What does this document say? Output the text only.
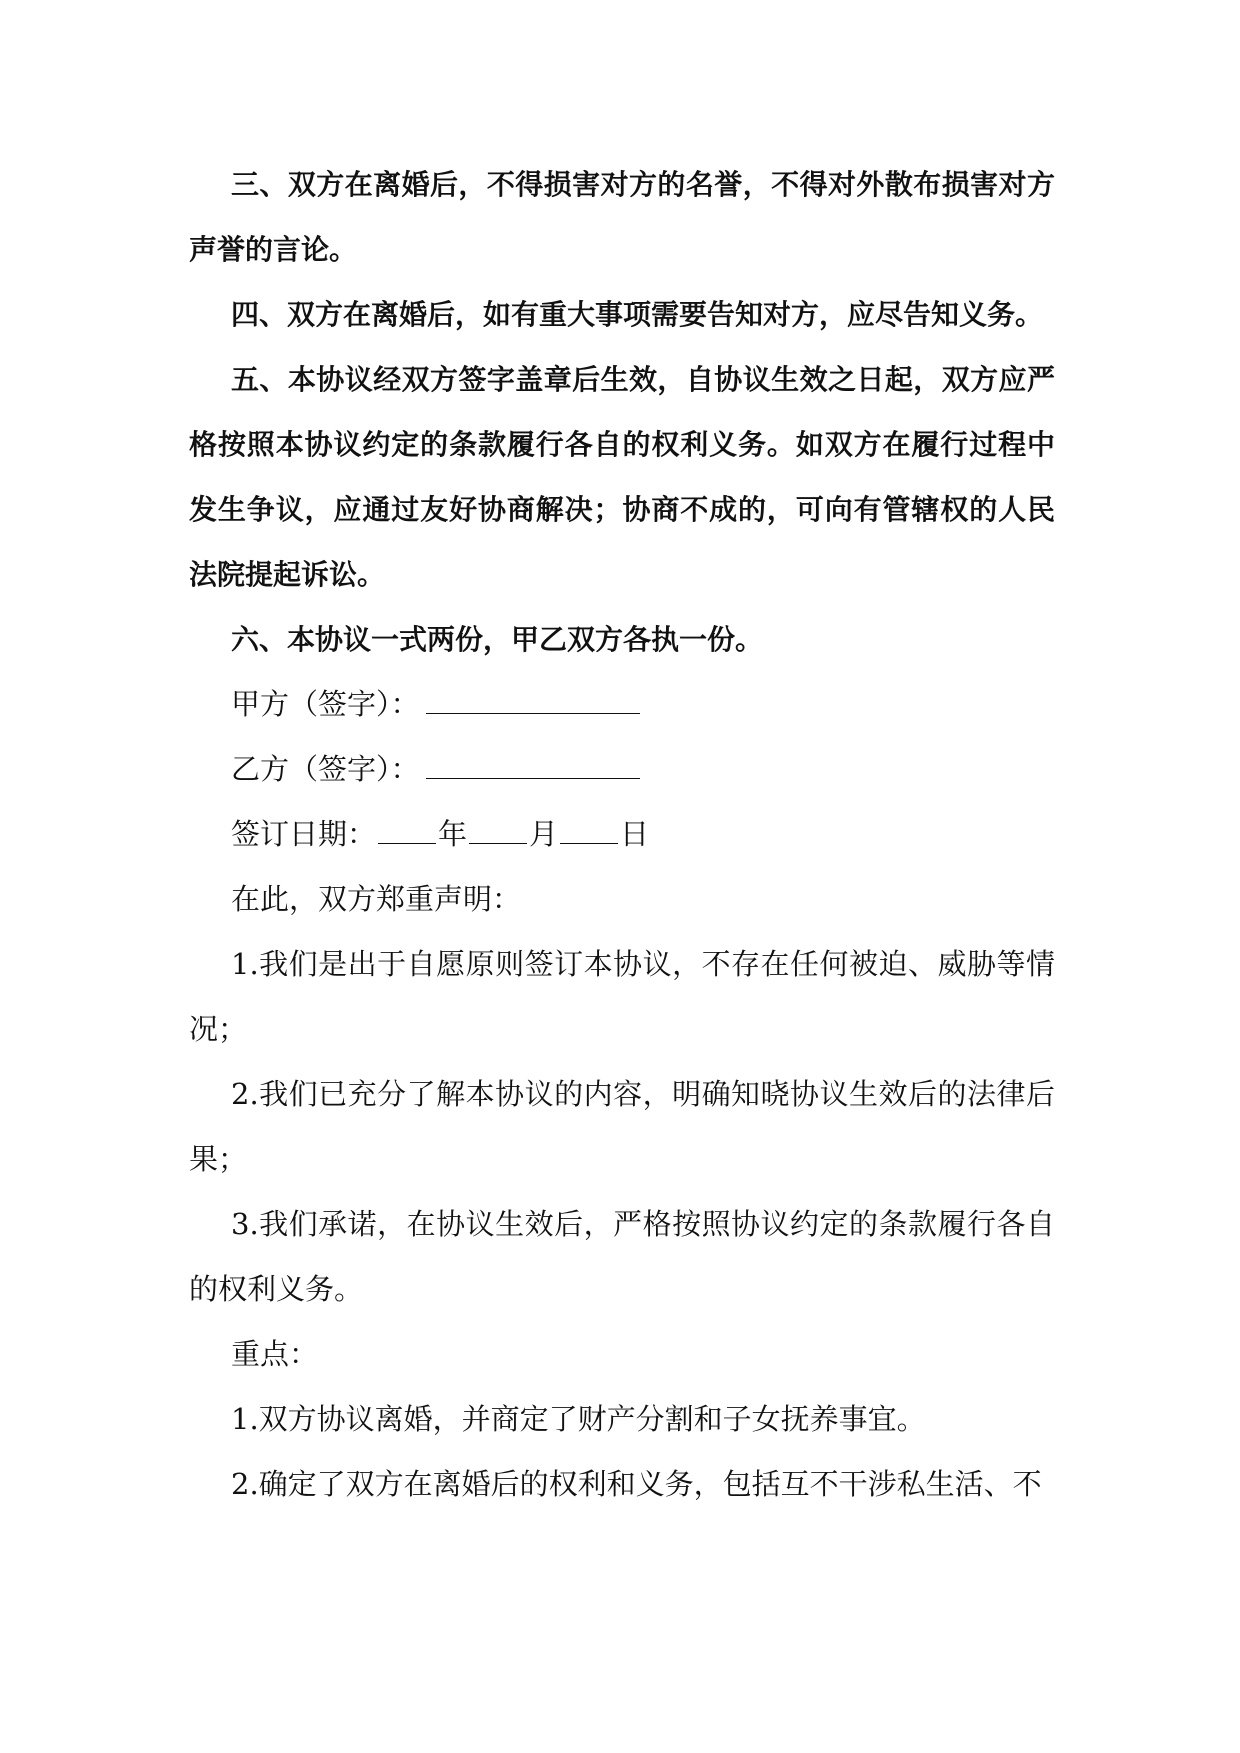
三、双方在离婚后，不得损害对方的名誉，不得对外散布损害对方声誉的言论。

四、双方在离婚后，如有重大事项需要告知对方，应尽告知义务。

五、本协议经双方签字盖章后生效，自协议生效之日起，双方应严格按照本协议约定的条款履行各自的权利义务。如双方在履行过程中发生争议，应通过友好协商解决；协商不成的，可向有管辖权的人民法院提起诉讼。

六、本协议一式两份，甲乙双方各执一份。

甲方（签字）：

乙方（签字）：

签订日期： 年 月 日

在此，双方郑重声明：

1.我们是出于自愿原则签订本协议，不存在任何被迫、威胁等情况；

2.我们已充分了解本协议的内容，明确知晓协议生效后的法律后果；

3.我们承诺，在协议生效后，严格按照协议约定的条款履行各自的权利义务。

重点：

1.双方协议离婚，并商定了财产分割和子女抚养事宜。

2.确定了双方在离婚后的权利和义务，包括互不干涉私生活、不
